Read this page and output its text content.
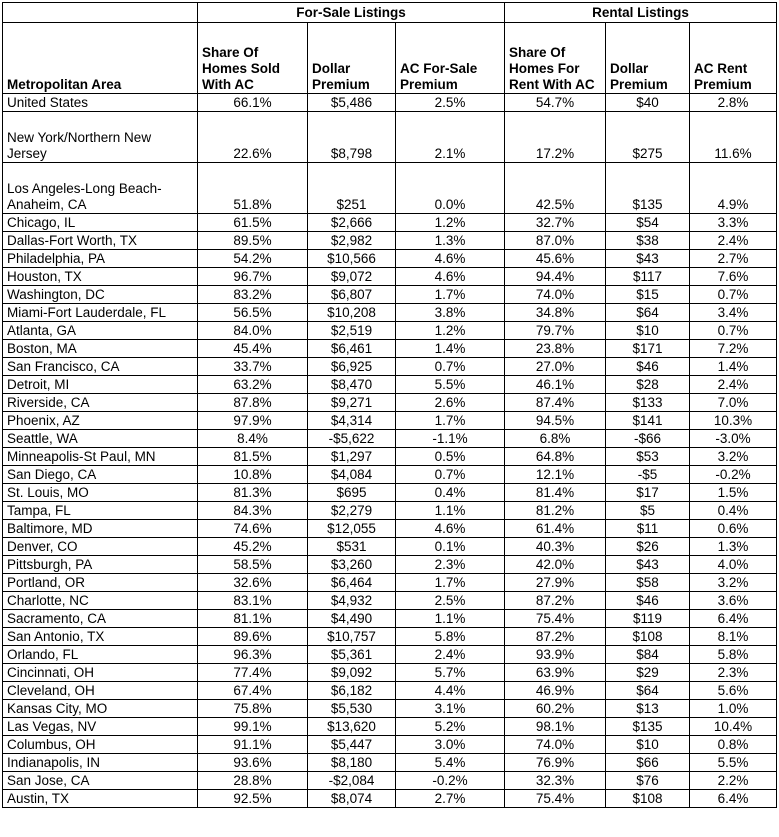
	For-Sale Listings			Rental Listings		
Metropolitan Area	Share Of Homes Sold With AC	Dollar Premium	AC For-Sale Premium	Share Of Homes For Rent With AC	Dollar Premium	AC Rent Premium
United States	66.1%	$5,486	2.5%	54.7%	$40	2.8%
New York/Northern New Jersey	22.6%	$8,798	2.1%	17.2%	$275	11.6%
Los Angeles-Long Beach-Anaheim, CA	51.8%	$251	0.0%	42.5%	$135	4.9%
Chicago, IL	61.5%	$2,666	1.2%	32.7%	$54	3.3%
Dallas-Fort Worth, TX	89.5%	$2,982	1.3%	87.0%	$38	2.4%
Philadelphia, PA	54.2%	$10,566	4.6%	45.6%	$43	2.7%
Houston, TX	96.7%	$9,072	4.6%	94.4%	$117	7.6%
Washington, DC	83.2%	$6,807	1.7%	74.0%	$15	0.7%
Miami-Fort Lauderdale, FL	56.5%	$10,208	3.8%	34.8%	$64	3.4%
Atlanta, GA	84.0%	$2,519	1.2%	79.7%	$10	0.7%
Boston, MA	45.4%	$6,461	1.4%	23.8%	$171	7.2%
San Francisco, CA	33.7%	$6,925	0.7%	27.0%	$46	1.4%
Detroit, MI	63.2%	$8,470	5.5%	46.1%	$28	2.4%
Riverside, CA	87.8%	$9,271	2.6%	87.4%	$133	7.0%
Phoenix, AZ	97.9%	$4,314	1.7%	94.5%	$141	10.3%
Seattle, WA	8.4%	-$5,622	-1.1%	6.8%	-$66	-3.0%
Minneapolis-St Paul, MN	81.5%	$1,297	0.5%	64.8%	$53	3.2%
San Diego, CA	10.8%	$4,084	0.7%	12.1%	-$5	-0.2%
St. Louis, MO	81.3%	$695	0.4%	81.4%	$17	1.5%
Tampa, FL	84.3%	$2,279	1.1%	81.2%	$5	0.4%
Baltimore, MD	74.6%	$12,055	4.6%	61.4%	$11	0.6%
Denver, CO	45.2%	$531	0.1%	40.3%	$26	1.3%
Pittsburgh, PA	58.5%	$3,260	2.3%	42.0%	$43	4.0%
Portland, OR	32.6%	$6,464	1.7%	27.9%	$58	3.2%
Charlotte, NC	83.1%	$4,932	2.5%	87.2%	$46	3.6%
Sacramento, CA	81.1%	$4,490	1.1%	75.4%	$119	6.4%
San Antonio, TX	89.6%	$10,757	5.8%	87.2%	$108	8.1%
Orlando, FL	96.3%	$5,361	2.4%	93.9%	$84	5.8%
Cincinnati, OH	77.4%	$9,092	5.7%	63.9%	$29	2.3%
Cleveland, OH	67.4%	$6,182	4.4%	46.9%	$64	5.6%
Kansas City, MO	75.8%	$5,530	3.1%	60.2%	$13	1.0%
Las Vegas, NV	99.1%	$13,620	5.2%	98.1%	$135	10.4%
Columbus, OH	91.1%	$5,447	3.0%	74.0%	$10	0.8%
Indianapolis, IN	93.6%	$8,180	5.4%	76.9%	$66	5.5%
San Jose, CA	28.8%	-$2,084	-0.2%	32.3%	$76	2.2%
Austin, TX	92.5%	$8,074	2.7%	75.4%	$108	6.4%
